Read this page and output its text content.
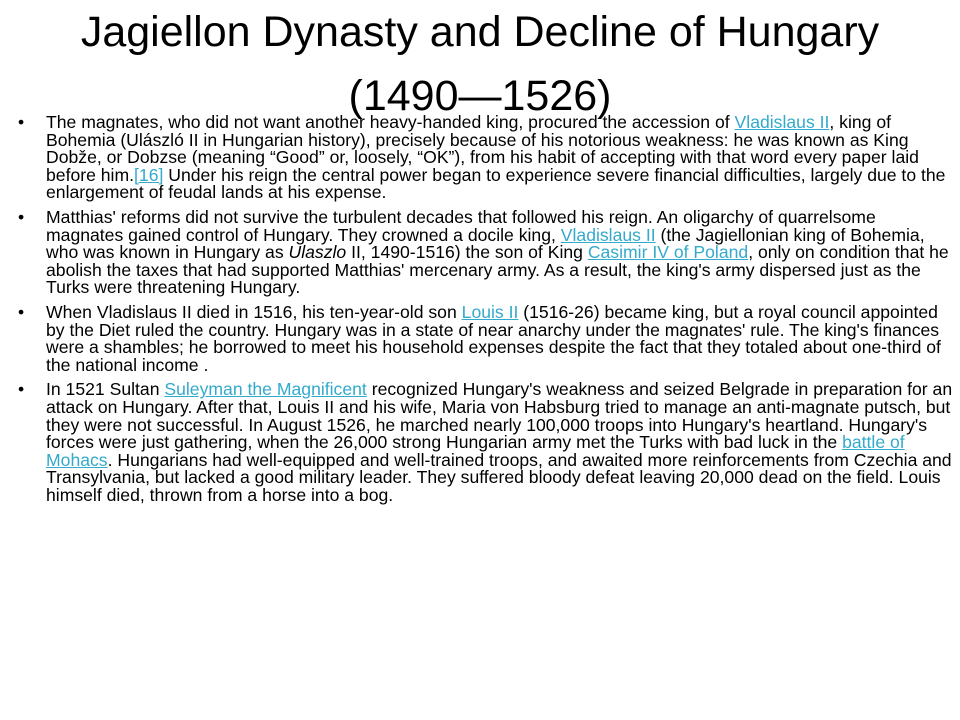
Jagiellon Dynasty and Decline of Hungary (1490—1526)
• The magnates, who did not want another heavy-handed king, procured the accession of Vladislaus II, king of Bohemia (Ulászló II in Hungarian history), precisely because of his notorious weakness: he was known as King Dobže, or Dobzse (meaning “Good” or, loosely, “OK”), from his habit of accepting with that word every paper laid before him.[16] Under his reign the central power began to experience severe financial difficulties, largely due to the enlargement of feudal lands at his expense.
• Matthias' reforms did not survive the turbulent decades that followed his reign. An oligarchy of quarrelsome magnates gained control of Hungary. They crowned a docile king, Vladislaus II (the Jagiellonian king of Bohemia, who was known in Hungary as Ulaszlo II, 1490-1516) the son of King Casimir IV of Poland, only on condition that he abolish the taxes that had supported Matthias' mercenary army. As a result, the king's army dispersed just as the Turks were threatening Hungary.
• When Vladislaus II died in 1516, his ten-year-old son Louis II (1516-26) became king, but a royal council appointed by the Diet ruled the country. Hungary was in a state of near anarchy under the magnates' rule. The king's finances were a shambles; he borrowed to meet his household expenses despite the fact that they totaled about one-third of the national income .
• In 1521 Sultan Suleyman the Magnificent recognized Hungary's weakness and seized Belgrade in preparation for an attack on Hungary. After that, Louis II and his wife, Maria von Habsburg tried to manage an anti-magnate putsch, but they were not successful. In August 1526, he marched nearly 100,000 troops into Hungary's heartland. Hungary's forces were just gathering, when the 26,000 strong Hungarian army met the Turks with bad luck in the battle of Mohacs. Hungarians had well-equipped and well-trained troops, and awaited more reinforcements from Czechia and Transylvania, but lacked a good military leader. They suffered bloody defeat leaving 20,000 dead on the field. Louis himself died, thrown from a horse into a bog.
